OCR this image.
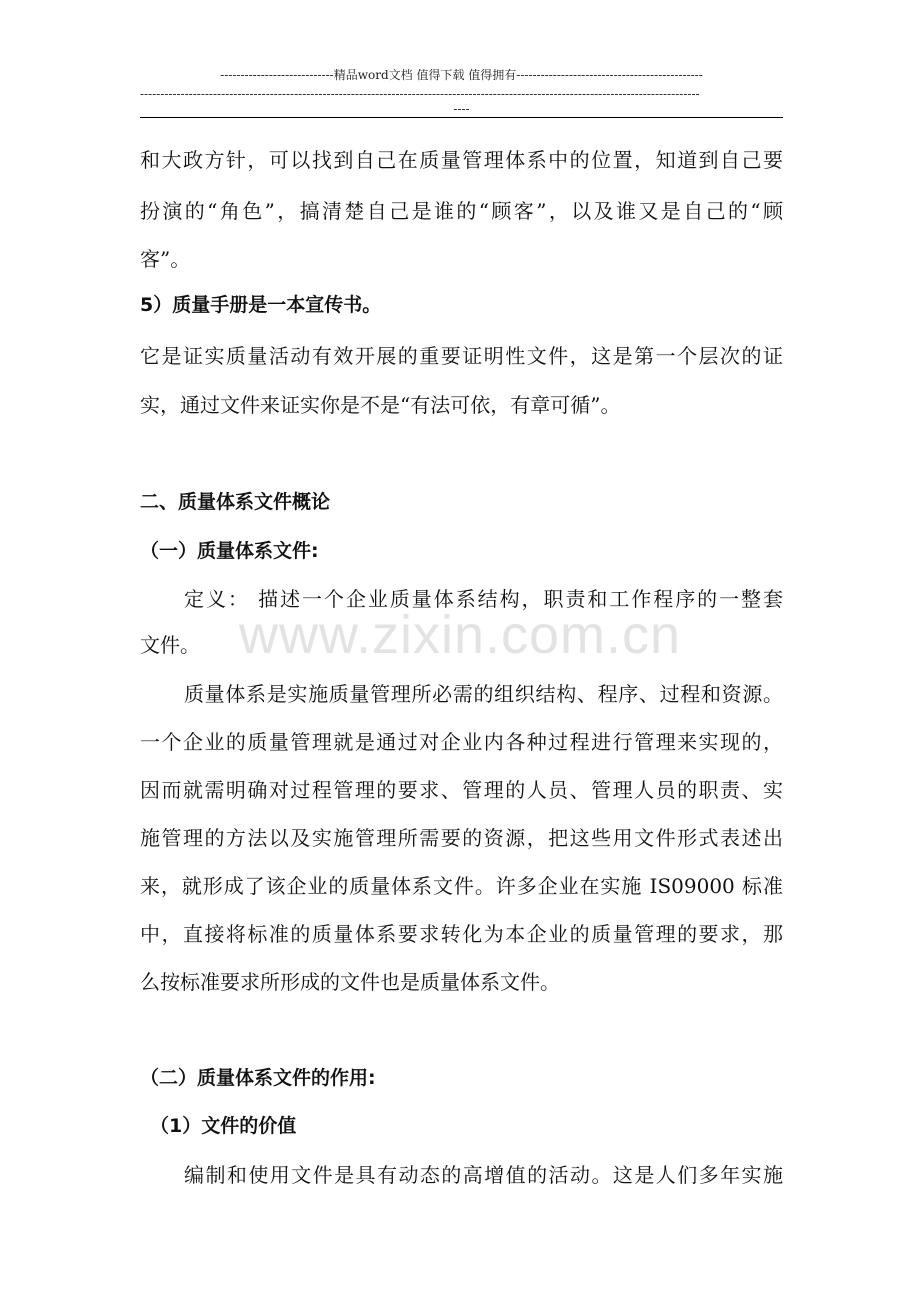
----------------------------精品word文档 值得下载 值得拥有----------------------------------------------
------------------------------------------------------------------------------------------------------------------------------------------
----
www.zixin.com.cn
和大政方针，可以找到自己在质量管理体系中的位置，知道到自己要
扮演的“角色”，搞清楚自己是谁的“顾客”，以及谁又是自己的“顾
客”。
5）质量手册是一本宣传书。
它是证实质量活动有效开展的重要证明性文件，这是第一个层次的证
实，通过文件来证实你是不是“有法可依，有章可循”。
二、质量体系文件概论
（一）质量体系文件:
定义： 描述一个企业质量体系结构，职责和工作程序的一整套
文件。
质量体系是实施质量管理所必需的组织结构、程序、过程和资源。
一个企业的质量管理就是通过对企业内各种过程进行管理来实现的，
因而就需明确对过程管理的要求、管理的人员、管理人员的职责、实
施管理的方法以及实施管理所需要的资源，把这些用文件形式表述出
来，就形成了该企业的质量体系文件。许多企业在实施 IS09000 标准
中，直接将标准的质量体系要求转化为本企业的质量管理的要求，那
么按标准要求所形成的文件也是质量体系文件。
（二）质量体系文件的作用:
（1）文件的价值
编制和使用文件是具有动态的高增值的活动。这是人们多年实施
